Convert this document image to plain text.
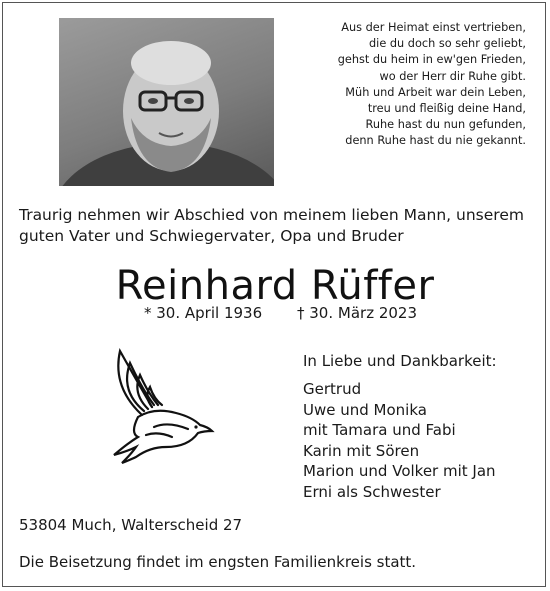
Aus der Heimat einst vertrieben,
die du doch so sehr geliebt,
gehst du heim in ew'gen Frieden,
wo der Herr dir Ruhe gibt.
Müh und Arbeit war dein Leben,
treu und fleißig deine Hand,
Ruhe hast du nun gefunden,
denn Ruhe hast du nie gekannt.
Traurig nehmen wir Abschied von meinem lieben Mann, unserem
guten Vater und Schwiegervater, Opa und Bruder
Reinhard Rüffer
* 30. April 1936 † 30. März 2023
In Liebe und Dankbarkeit:
Gertrud
Uwe und Monika
mit Tamara und Fabi
Karin mit Sören
Marion und Volker mit Jan
Erni als Schwester
53804 Much, Walterscheid 27
Die Beisetzung findet im engsten Familienkreis statt.
